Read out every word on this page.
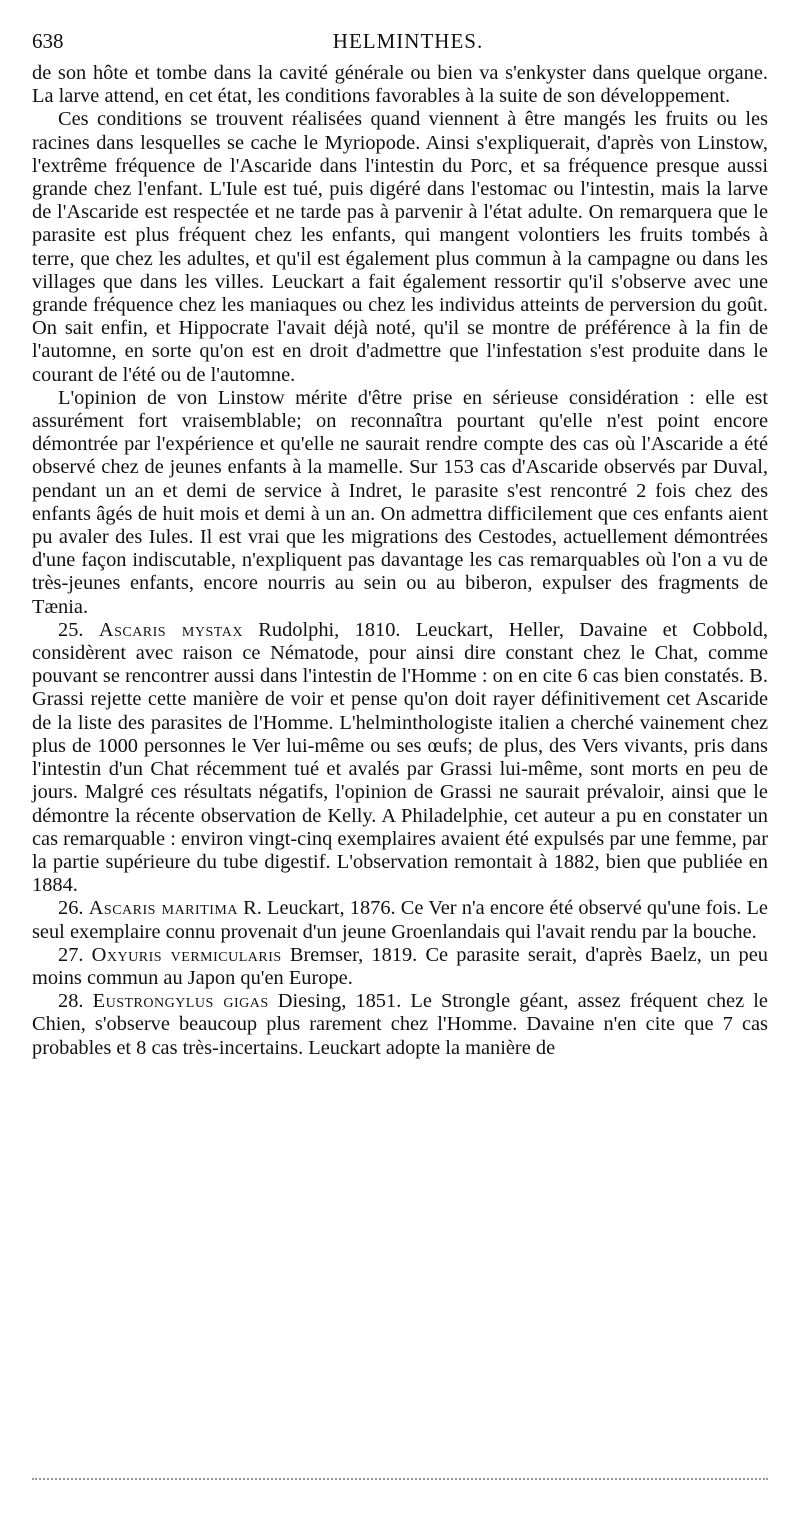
638	HELMINTHES.

de son hôte et tombe dans la cavité générale ou bien va s'enkyster dans quelque organe. La larve attend, en cet état, les conditions favorables à la suite de son développement.

Ces conditions se trouvent réalisées quand viennent à être mangés les fruits ou les racines dans lesquelles se cache le Myriopode. Ainsi s'expliquerait, d'après von Linstow, l'extrême fréquence de l'Ascaride dans l'intestin du Porc, et sa fréquence presque aussi grande chez l'enfant. L'Iule est tué, puis digéré dans l'estomac ou l'intestin, mais la larve de l'Ascaride est respectée et ne tarde pas à parvenir à l'état adulte. On remarquera que le parasite est plus fréquent chez les enfants, qui mangent volontiers les fruits tombés à terre, que chez les adultes, et qu'il est également plus commun à la campagne ou dans les villages que dans les villes. Leuckart a fait également ressortir qu'il s'observe avec une grande fréquence chez les maniaques ou chez les individus atteints de perversion du goût. On sait enfin, et Hippocrate l'avait déjà noté, qu'il se montre de préférence à la fin de l'automne, en sorte qu'on est en droit d'admettre que l'infestation s'est produite dans le courant de l'été ou de l'automne.

L'opinion de von Linstow mérite d'être prise en sérieuse considération : elle est assurément fort vraisemblable; on reconnaîtra pourtant qu'elle n'est point encore démontrée par l'expérience et qu'elle ne saurait rendre compte des cas où l'Ascaride a été observé chez de jeunes enfants à la mamelle. Sur 153 cas d'Ascaride observés par Duval, pendant un an et demi de service à Indret, le parasite s'est rencontré 2 fois chez des enfants âgés de huit mois et demi à un an. On admettra difficilement que ces enfants aient pu avaler des Iules. Il est vrai que les migrations des Cestodes, actuellement démontrées d'une façon indiscutable, n'expliquent pas davantage les cas remarquables où l'on a vu de très-jeunes enfants, encore nourris au sein ou au biberon, expulser des fragments de Tænia.

25. Ascaris mystax Rudolphi, 1810. Leuckart, Heller, Davaine et Cobbold, considèrent avec raison ce Nématode, pour ainsi dire constant chez le Chat, comme pouvant se rencontrer aussi dans l'intestin de l'Homme : on en cite 6 cas bien constatés. B. Grassi rejette cette manière de voir et pense qu'on doit rayer définitivement cet Ascaride de la liste des parasites de l'Homme. L'helminthologiste italien a cherché vainement chez plus de 1000 personnes le Ver lui-même ou ses œufs; de plus, des Vers vivants, pris dans l'intestin d'un Chat récemment tué et avalés par Grassi lui-même, sont morts en peu de jours. Malgré ces résultats négatifs, l'opinion de Grassi ne saurait prévaloir, ainsi que le démontre la récente observation de Kelly. A Philadelphie, cet auteur a pu en constater un cas remarquable : environ vingt-cinq exemplaires avaient été expulsés par une femme, par la partie supérieure du tube digestif. L'observation remontait à 1882, bien que publiée en 1884.

26. Ascaris maritima R. Leuckart, 1876. Ce Ver n'a encore été observé qu'une fois. Le seul exemplaire connu provenait d'un jeune Groenlandais qui l'avait rendu par la bouche.

27. Oxyuris vermicularis Bremser, 1819. Ce parasite serait, d'après Baelz, un peu moins commun au Japon qu'en Europe.

28. Eustrongylus gigas Diesing, 1851. Le Strongle géant, assez fréquent chez le Chien, s'observe beaucoup plus rarement chez l'Homme. Davaine n'en cite que 7 cas probables et 8 cas très-incertains. Leuckart adopte la manière de
